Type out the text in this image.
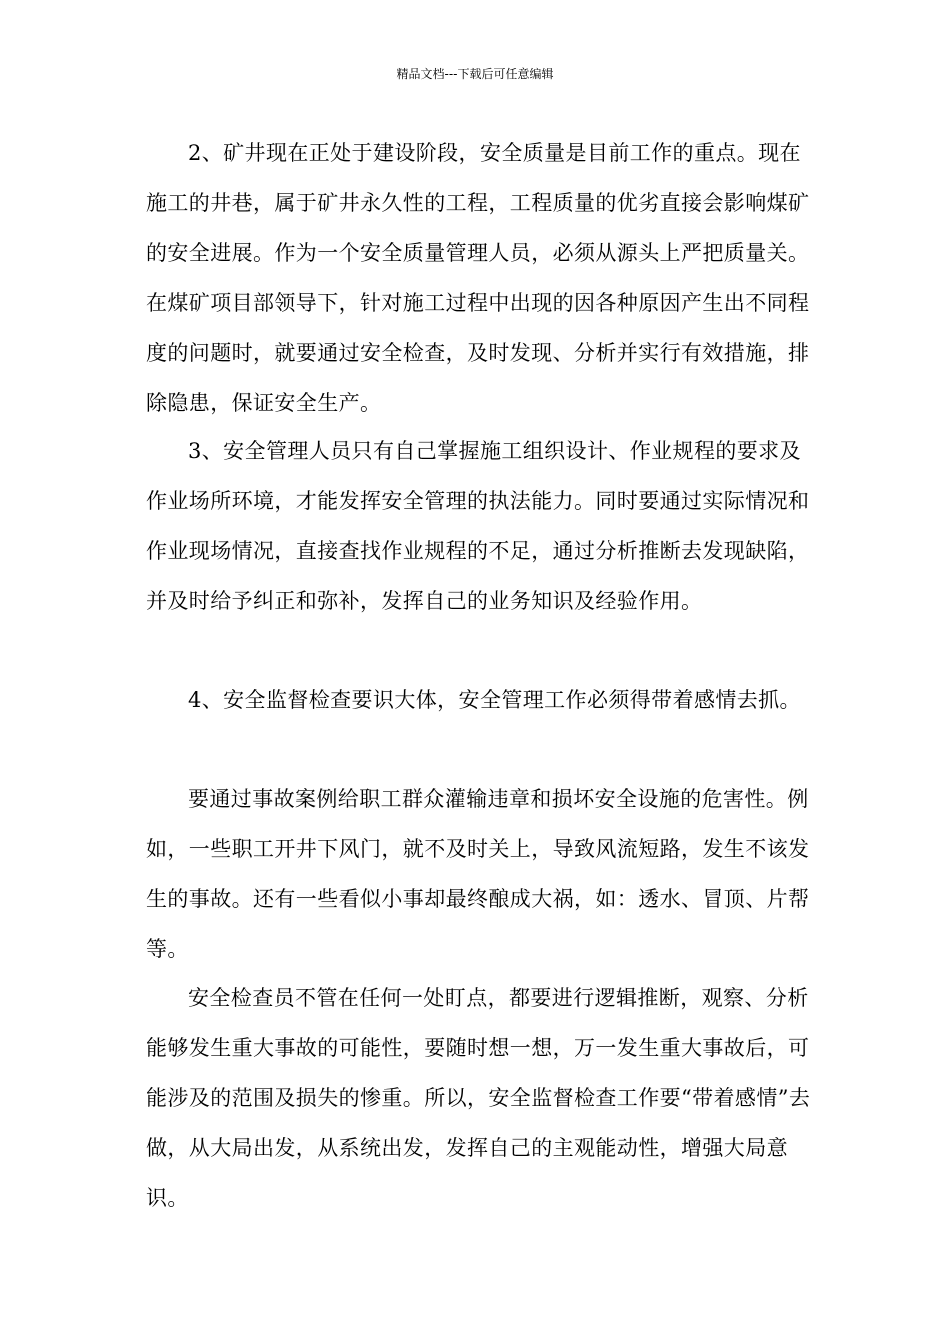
精品文档---下载后可任意编辑

2、矿井现在正处于建设阶段，安全质量是目前工作的重点。现在施工的井巷，属于矿井永久性的工程，工程质量的优劣直接会影响煤矿的安全进展。作为一个安全质量管理人员，必须从源头上严把质量关。在煤矿项目部领导下，针对施工过程中出现的因各种原因产生出不同程度的问题时，就要通过安全检查，及时发现、分析并实行有效措施，排除隐患，保证安全生产。

3、安全管理人员只有自己掌握施工组织设计、作业规程的要求及作业场所环境，才能发挥安全管理的执法能力。同时要通过实际情况和作业现场情况，直接查找作业规程的不足，通过分析推断去发现缺陷，并及时给予纠正和弥补，发挥自己的业务知识及经验作用。

4、安全监督检查要识大体，安全管理工作必须得带着感情去抓。

要通过事故案例给职工群众灌输违章和损坏安全设施的危害性。例如，一些职工开井下风门，就不及时关上，导致风流短路，发生不该发生的事故。还有一些看似小事却最终酿成大祸，如：透水、冒顶、片帮等。

安全检查员不管在任何一处盯点，都要进行逻辑推断，观察、分析能够发生重大事故的可能性，要随时想一想，万一发生重大事故后，可能涉及的范围及损失的惨重。所以，安全监督检查工作要“带着感情”去做，从大局出发，从系统出发，发挥自己的主观能动性，增强大局意识。
